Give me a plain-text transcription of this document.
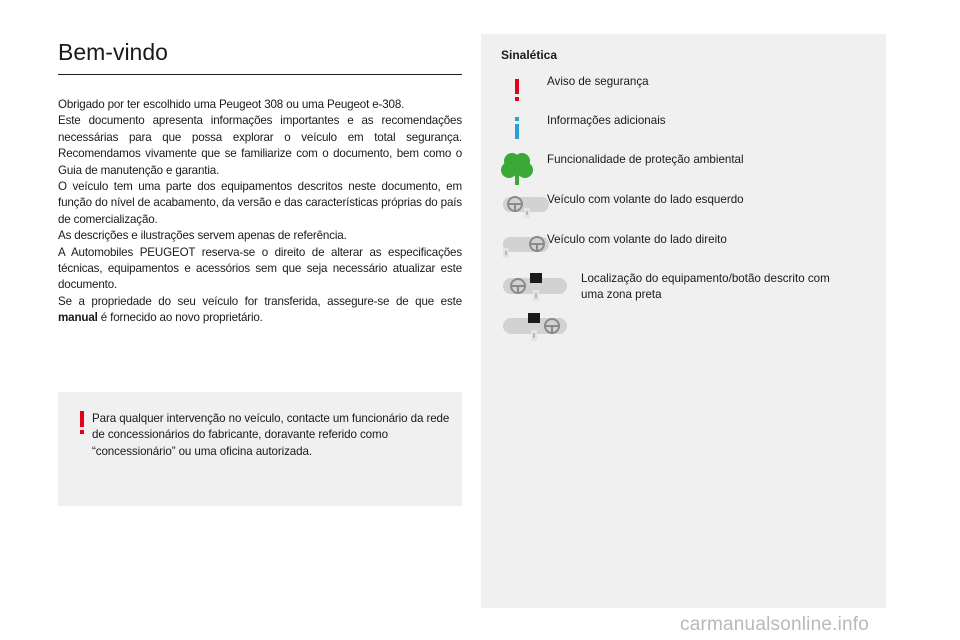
Bem-vindo

Obrigado por ter escolhido uma Peugeot 308 ou uma Peugeot e-308.

Este documento apresenta informações importantes e as recomendações necessárias para que possa explorar o veículo em total segurança. Recomendamos vivamente que se familiarize com o documento, bem como o Guia de manutenção e garantia.

O veículo tem uma parte dos equipamentos descritos neste documento, em função do nível de acabamento, da versão e das características próprias do país de comercialização.

As descrições e ilustrações servem apenas de referência.

A Automobiles PEUGEOT reserva-se o direito de alterar as especificações técnicas, equipamentos e acessórios sem que seja necessário atualizar este documento.

Se a propriedade do seu veículo for transferida, assegure-se de que este manual é fornecido ao novo proprietário.

Para qualquer intervenção no veículo, contacte um funcionário da rede de concessionários do fabricante, doravante referido como “concessionário” ou uma oficina autorizada.
Sinalética
Aviso de segurança
Informações adicionais
Funcionalidade de proteção ambiental
Veículo com volante do lado esquerdo
Veículo com volante do lado direito
Localização do equipamento/botão descrito com uma zona preta
carmanualsonline.info
